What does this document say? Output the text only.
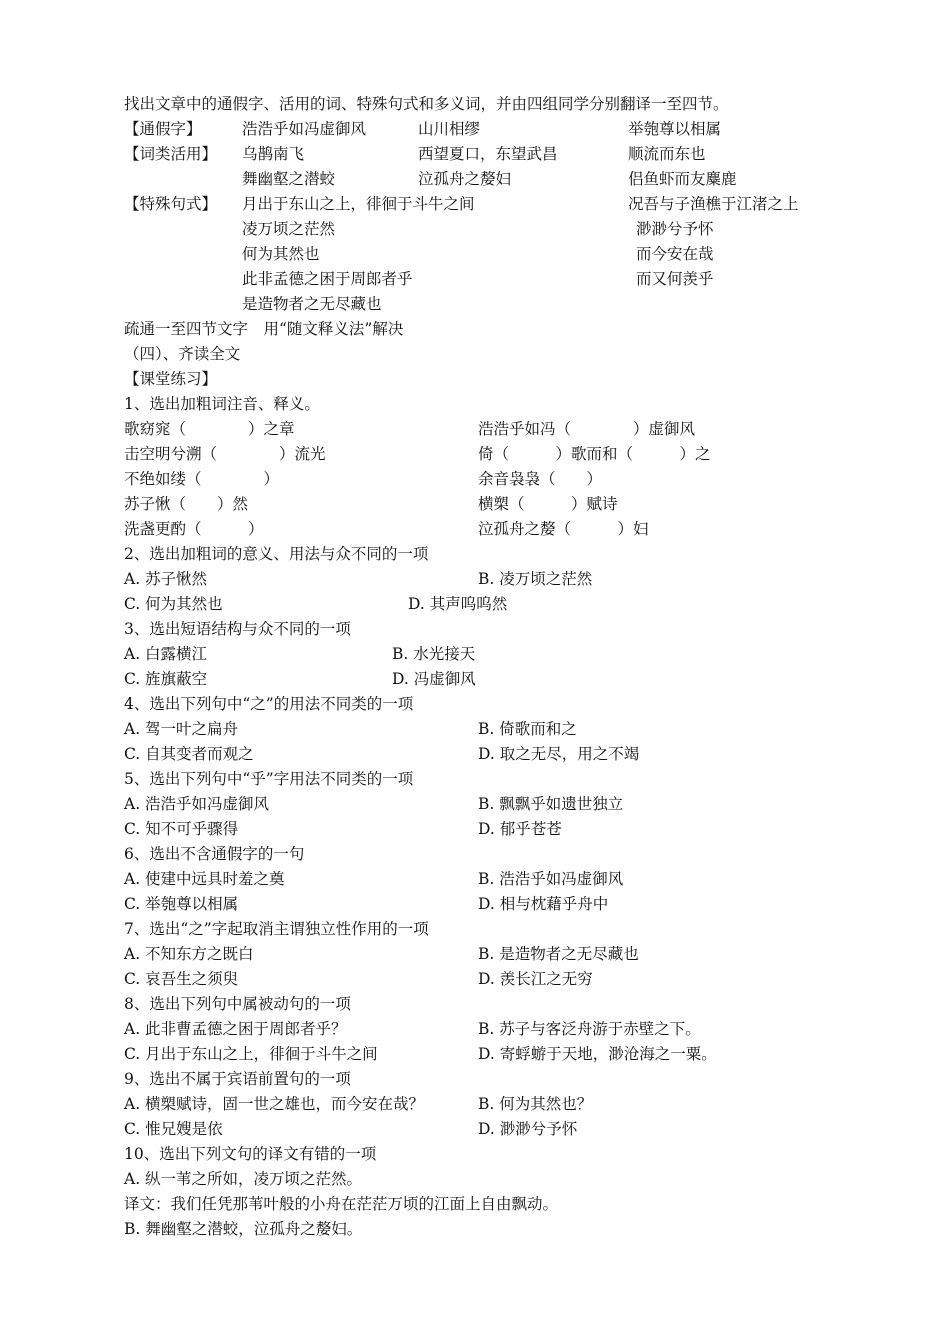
找出文章中的通假字、活用的词、特殊句式和多义词，并由四组同学分别翻译一至四节。
【通假字】	浩浩乎如冯虚御风	山川相缪	举匏尊以相属
【词类活用】 乌鹊南飞	西望夏口，东望武昌	顺流而东也
舞幽壑之潜蛟	泣孤舟之嫠妇	侣鱼虾而友麋鹿
【特殊句式】 月出于东山之上，徘徊于斗牛之间	况吾与子渔樵于江渚之上
凌万顷之茫然	渺渺兮予怀
何为其然也	而今安在哉
此非孟德之困于周郎者乎	而又何羡乎
是造物者之无尽藏也
疏通一至四节文字　用“随文释义法”解决
（四）、齐读全文
【课堂练习】
1、选出加粗词注音、释义。
歌窈窕（　　　　）之章	浩浩乎如冯（　　　　）虚御风
击空明兮溯（　　　　）流光	倚（　　　）歌而和（　　　）之
不绝如缕（　　　　）	余音袅袅（　　）
苏子愀（　　）然	横槊（　　　）赋诗
洗盏更酌（　　　）	泣孤舟之嫠（　　　）妇
2、选出加粗词的意义、用法与众不同的一项
A. 苏子愀然	B. 凌万顷之茫然
C. 何为其然也	D. 其声呜呜然
3、选出短语结构与众不同的一项
A. 白露横江	B. 水光接天
C. 旌旗蔽空	D. 冯虚御风
4、选出下列句中“之”的用法不同类的一项
A. 驾一叶之扁舟	B. 倚歌而和之
C. 自其变者而观之	D. 取之无尽，用之不竭
5、选出下列句中“乎”字用法不同类的一项
A. 浩浩乎如冯虚御风	B. 飘飘乎如遗世独立
C. 知不可乎骤得	D. 郁乎苍苍
6、选出不含通假字的一句
A. 使建中远具时羞之奠	B. 浩浩乎如冯虚御风
C. 举匏尊以相属	D. 相与枕藉乎舟中
7、选出“之”字起取消主谓独立性作用的一项
A. 不知东方之既白	B. 是造物者之无尽藏也
C. 哀吾生之须臾	D. 羡长江之无穷
8、选出下列句中属被动句的一项
A. 此非曹孟德之困于周郎者乎？	B. 苏子与客泛舟游于赤壁之下。
C. 月出于东山之上，徘徊于斗牛之间	D. 寄蜉蝣于天地，渺沧海之一粟。
9、选出不属于宾语前置句的一项
A. 横槊赋诗，固一世之雄也，而今安在哉？	B. 何为其然也？
C. 惟兄嫂是依	D. 渺渺兮予怀
10、选出下列文句的译文有错的一项
A. 纵一苇之所如，凌万顷之茫然。
译文：我们任凭那苇叶般的小舟在茫茫万顷的江面上自由飘动。
B. 舞幽壑之潜蛟，泣孤舟之嫠妇。
